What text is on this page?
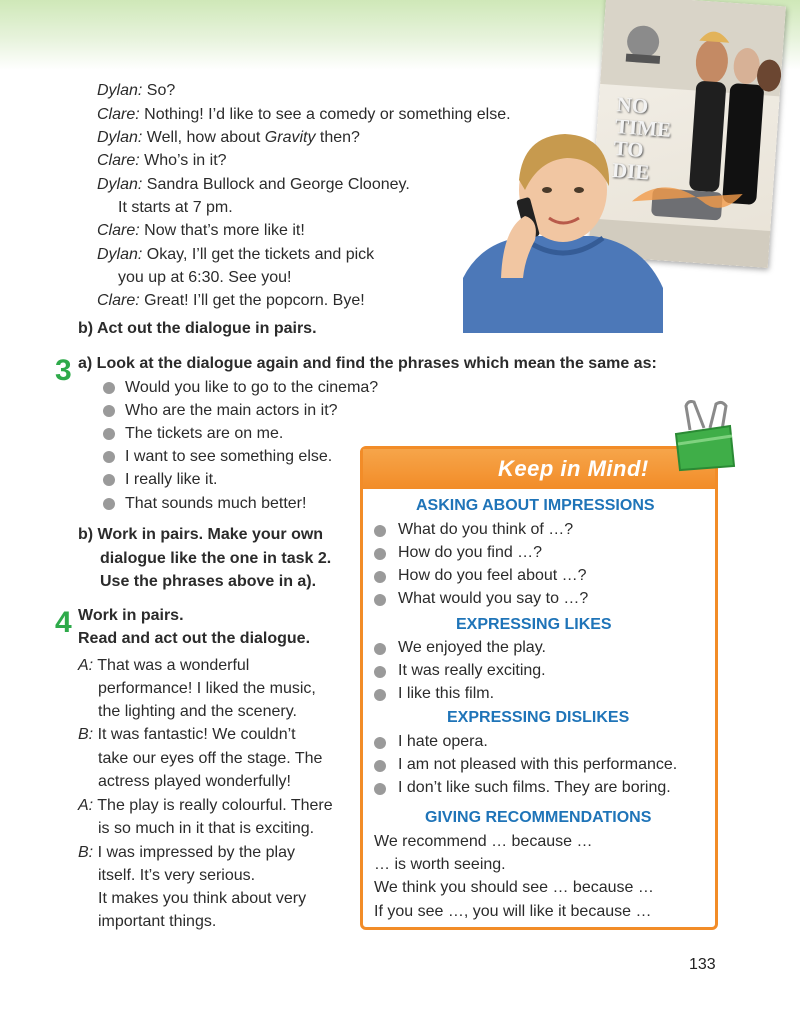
Dylan: So?
Clare: Nothing! I’d like to see a comedy or something else.
Dylan: Well, how about Gravity then?
Clare: Who’s in it?
Dylan: Sandra Bullock and George Clooney.
It starts at 7 pm.
Clare: Now that’s more like it!
Dylan: Okay, I’ll get the tickets and pick
you up at 6:30. See you!
Clare: Great! I’ll get the popcorn. Bye!
b) Act out the dialogue in pairs.
3 a) Look at the dialogue again and find the phrases which mean the same as:
Would you like to go to the cinema?
Who are the main actors in it?
The tickets are on me.
I want to see something else.
I really like it.
That sounds much better!
b) Work in pairs. Make your own
dialogue like the one in task 2.
Use the phrases above in a).
4 Work in pairs.
Read and act out the dialogue.
A: That was a wonderful
performance! I liked the music,
the lighting and the scenery.
B: It was fantastic! We couldn’t
take our eyes off the stage. The
actress played wonderfully!
A: The play is really colourful. There
is so much in it that is exciting.
B: I was impressed by the play
itself. It’s very serious.
It makes you think about very
important things.
Keep in Mind!
ASKING ABOUT IMPRESSIONS
What do you think of …?
How do you find …?
How do you feel about …?
What would you say to …?
EXPRESSING LIKES
We enjoyed the play.
It was really exciting.
I like this film.
EXPRESSING DISLIKES
I hate opera.
I am not pleased with this performance.
I don’t like such films. They are boring.
GIVING RECOMMENDATIONS
We recommend … because …
… is worth seeing.
We think you should see … because …
If you see …, you will like it because …
NO
TIME
TO
DIE
133
